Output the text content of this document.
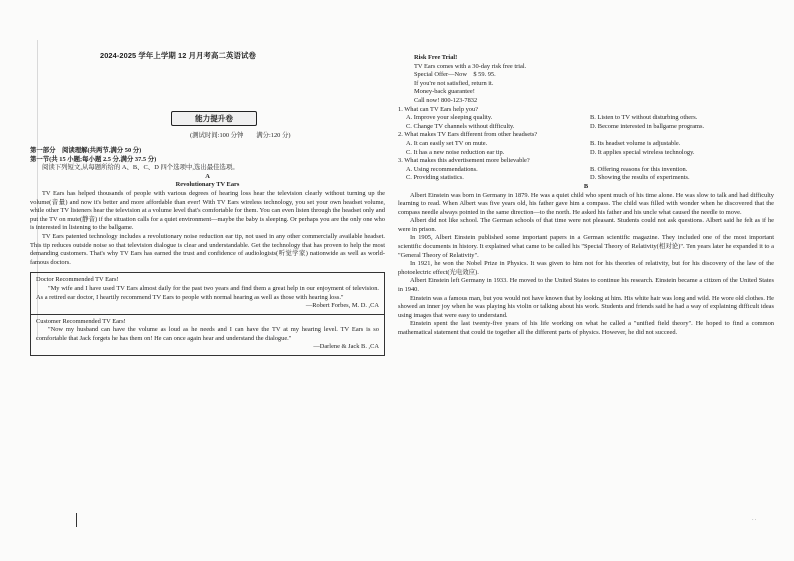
2024-2025 学年上学期 12 月月考高二英语试卷
能力提升卷
(测试时间:100 分钟　　满分:120 分)

第一部分　阅读理解(共两节,满分 50 分)

第一节(共 15 小题;每小题 2.5 分,满分 37.5 分)

阅读下列短文,从每题所给的 A、B、C、D 四个选项中,选出最佳选项。

A

Revolutionary TV Ears

TV Ears has helped thousands of people with various degrees of hearing loss hear the television clearly without turning up the volume(音量) and now it's better and more affordable than ever! With TV Ears wireless technology, you set your own headset volume, while other TV listeners hear the television at a volume level that's comfortable for them. You can even listen through the headset only and put the TV on mute(静音) if the situation calls for a quiet environment—maybe the baby is sleeping. Or perhaps you are the only one who is interested in listening to the ballgame.

TV Ears patented technology includes a revolutionary noise reduction ear tip, not used in any other commercially available headset. This tip reduces outside noise so that television dialogue is clear and understandable. Get the technology that has proven to help the most demanding customers. That's why TV Ears has earned the trust and confidence of audiologists(听觉学家) nationwide as well as world-famous doctors.

Doctor Recommended TV Ears!

"My wife and I have used TV Ears almost daily for the past two years and find them a great help in our enjoyment of television. As a retired ear doctor, I heartily recommend TV Ears to people with normal hearing as well as those with hearing loss."

—Robert Forbes, M. D. ,CA

Customer Recommended TV Ears!

"Now my husband can have the volume as loud as he needs and I can have the TV at my hearing level. TV Ears is so comfortable that Jack forgets he has them on! He can once again hear and understand the dialogue."

—Darlene & Jack B. ,CA

Risk Free Trial!

TV Ears comes with a 30-day risk free trial.

Special Offer—Now　$ 59. 95.

If you're not satisfied, return it.

Money-back guarantee!

Call now! 800-123-7832

1. What can TV Ears help you?

A. Improve your sleeping quality.	B. Listen to TV without disturbing others.
C. Change TV channels without difficulty.	D. Become interested in ballgame programs.

2. What makes TV Ears different from other headsets?

A. It can easily set TV on mute.	B. Its headset volume is adjustable.
C. It has a new noise reduction ear tip.	D. It applies special wireless technology.

3. What makes this advertisement more believable?

A. Using recommendations.	B. Offering reasons for this invention.
C. Providing statistics.	D. Showing the results of experiments.

B

Albert Einstein was born in Germany in 1879. He was a quiet child who spent much of his time alone. He was slow to talk and had difficulty learning to read. When Albert was five years old, his father gave him a compass. The child was filled with wonder when he discovered that the compass needle always pointed in the same direction—to the north. He asked his father and his uncle what caused the needle to move.

Albert did not like school. The German schools of that time were not pleasant. Students could not ask questions. Albert said he felt as if he were in prison.

In 1905, Albert Einstein published some important papers in a German scientific magazine. They included one of the most important scientific documents in history. It explained what came to be called his "Special Theory of Relativity(相对论)". Ten years later he expanded it to a "General Theory of Relativity".

In 1921, he won the Nobel Prize in Physics. It was given to him not for his theories of relativity, but for his discovery of the law of the photoelectric effect(光电效应).

Albert Einstein left Germany in 1933. He moved to the United States to continue his research. Einstein became a citizen of the United States in 1940.

Einstein was a famous man, but you would not have known that by looking at him. His white hair was long and wild. He wore old clothes. He showed an inner joy when he was playing his violin or talking about his work. Students and friends said he had a way of explaining difficult ideas using images that were easy to understand.

Einstein spent the last twenty-five years of his life working on what he called a "unified field theory". He hoped to find a common mathematical statement that could tie together all the different parts of physics. However, he did not succeed.

· ·
